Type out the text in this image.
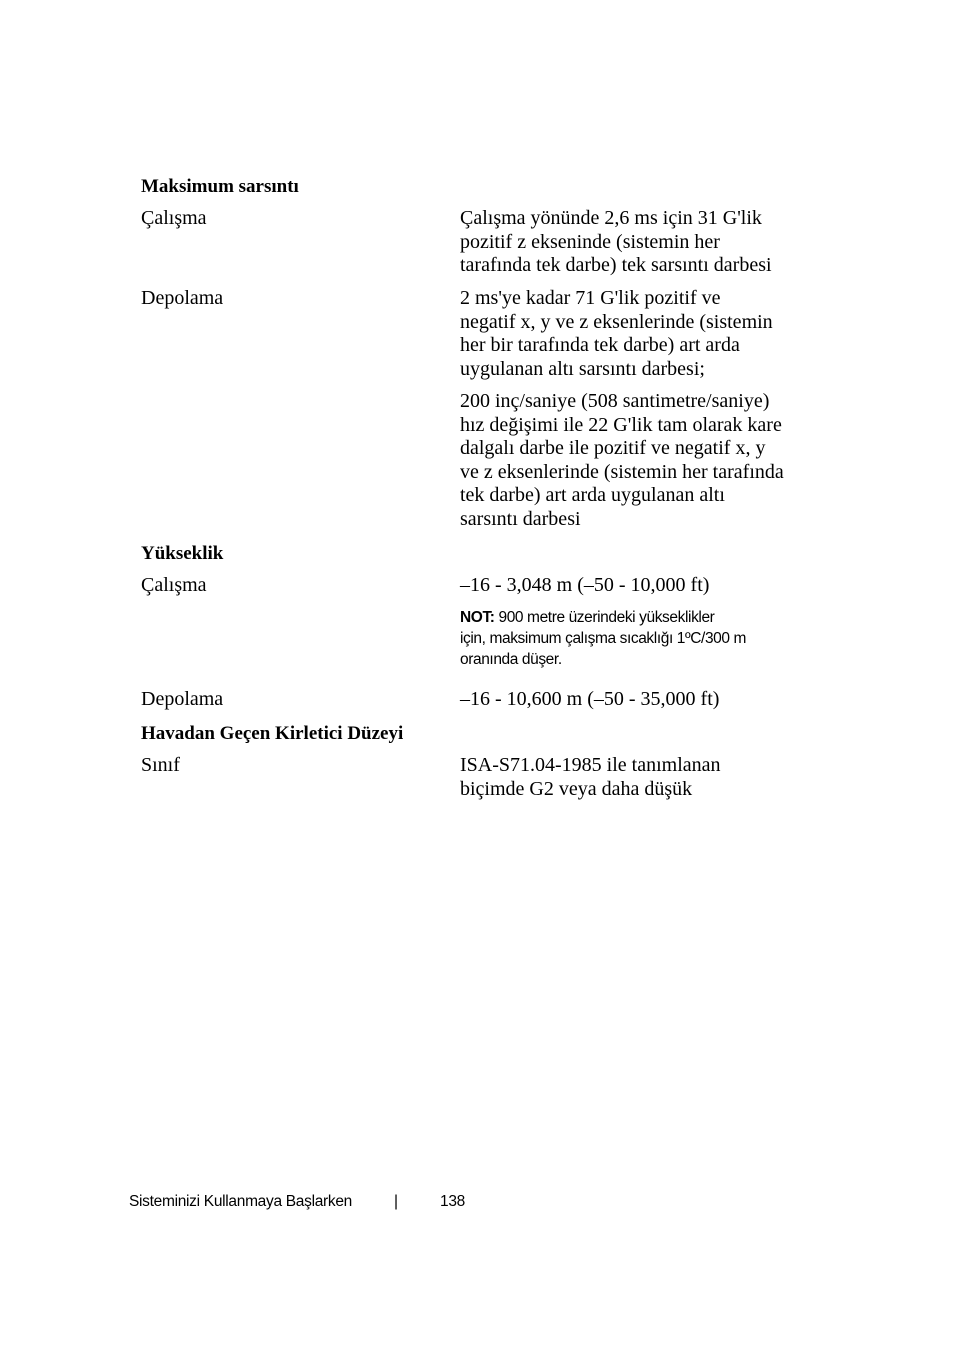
Maksimum sarsıntı
Çalışma	Çalışma yönünde 2,6 ms için 31 G'lik
pozitif z ekseninde (sistemin her
tarafında tek darbe) tek sarsıntı darbesi
Depolama	2 ms'ye kadar 71 G'lik pozitif ve
negatif x, y ve z eksenlerinde (sistemin
her bir tarafında tek darbe) art arda
uygulanan altı sarsıntı darbesi;
200 inç/saniye (508 santimetre/saniye)
hız değişimi ile 22 G'lik tam olarak kare
dalgalı darbe ile pozitif ve negatif x, y
ve z eksenlerinde (sistemin her tarafında
tek darbe) art arda uygulanan altı
sarsıntı darbesi
Yükseklik
Çalışma	–16 - 3,048 m (–50 - 10,000 ft)
NOT: 900 metre üzerindeki yükseklikler
için, maksimum çalışma sıcaklığı 1ºC/300 m
oranında düşer.
Depolama	–16 - 10,600 m (–50 - 35,000 ft)
Havadan Geçen Kirletici Düzeyi
Sınıf	ISA-S71.04-1985 ile tanımlanan
biçimde G2 veya daha düşük
Sisteminizi Kullanmaya Başlarken	|	138
